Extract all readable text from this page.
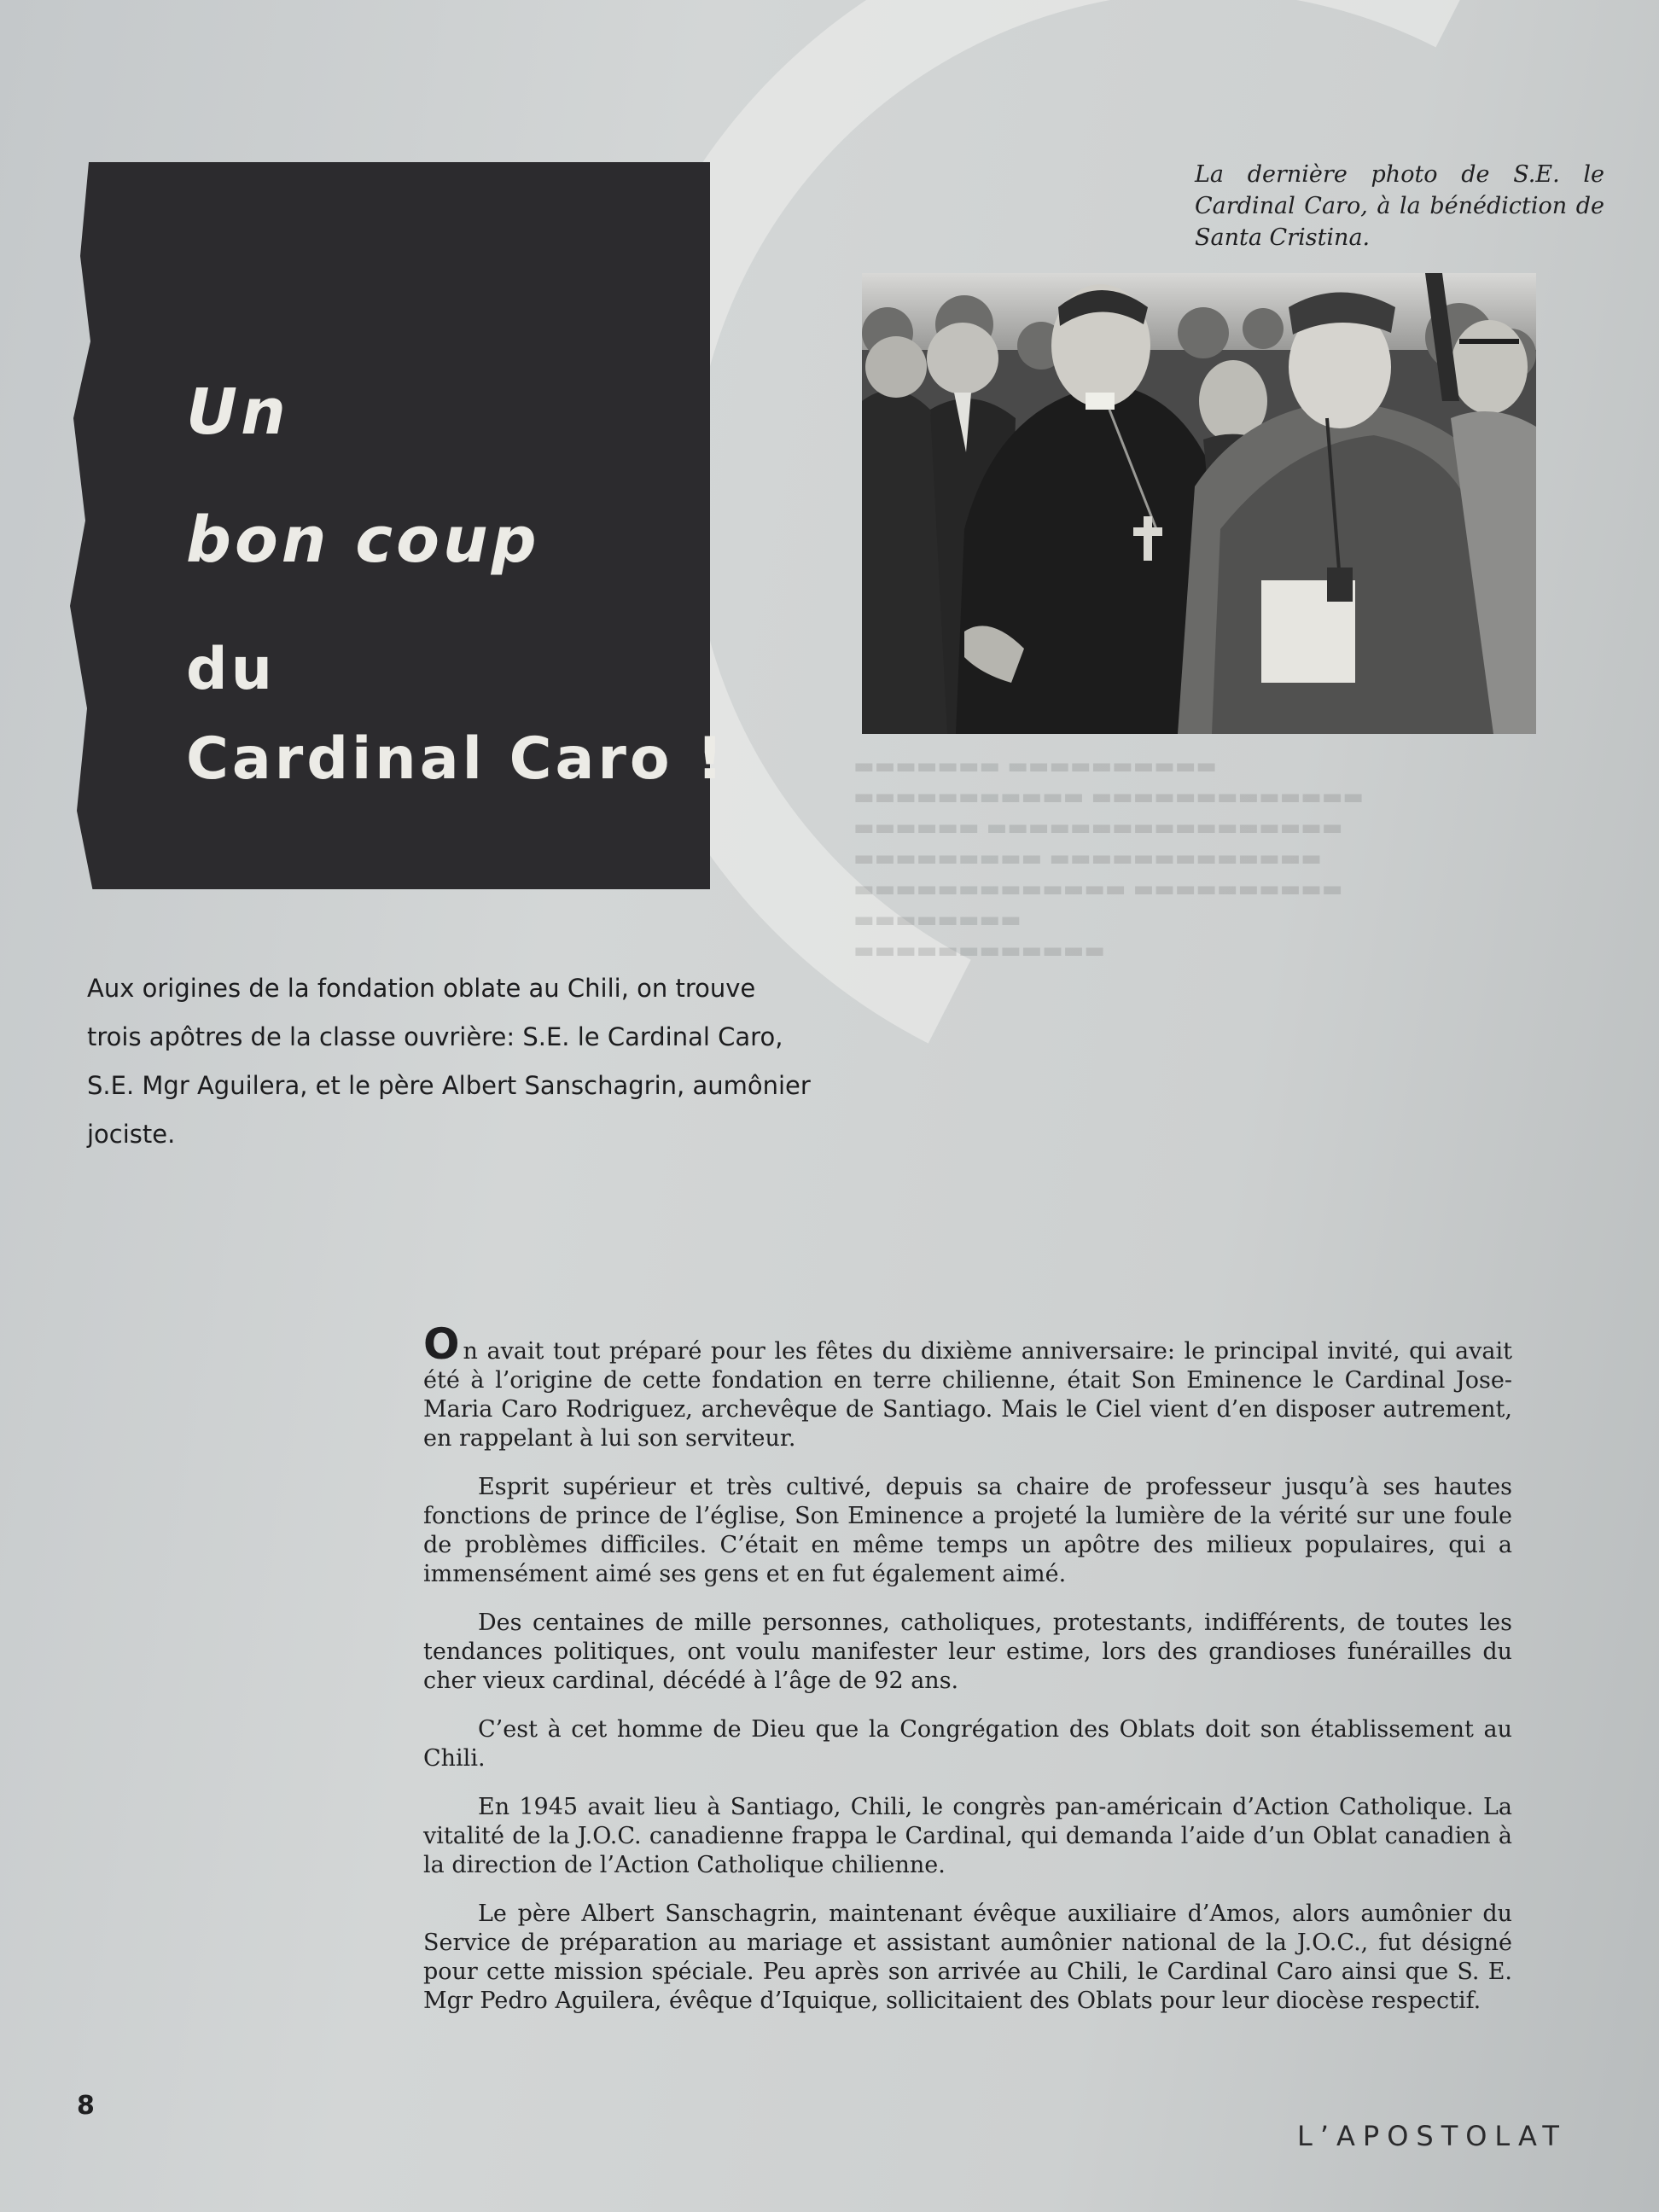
▬▬▬▬▬▬▬ ▬▬▬▬▬▬▬▬▬▬
▬▬▬▬▬▬▬▬▬▬▬ ▬▬▬▬▬▬▬▬▬▬▬▬▬
▬▬▬▬▬▬ ▬▬▬▬▬▬▬▬▬▬▬▬▬▬▬▬▬
▬▬▬▬▬▬▬▬▬ ▬▬▬▬▬▬▬▬▬▬▬▬▬
▬▬▬▬▬▬▬▬▬▬▬▬▬ ▬▬▬▬▬▬▬▬▬▬
▬▬▬▬▬▬▬▬
▬▬▬▬▬▬▬▬▬▬▬▬
Un
bon coup
du
Cardinal Caro !
La dernière photo de S.E. le Cardinal Caro, à la bénédiction de Santa Cristina.
Aux origines de la fondation oblate au Chili, on trouve trois apôtres de la classe ouvrière: S.E. le Cardinal Caro, S.E. Mgr Aguilera, et le père Albert Sanschagrin, aumônier jociste.

On avait tout préparé pour les fêtes du dixième anniversaire: le principal invité, qui avait été à l’origine de cette fondation en terre chilienne, était Son Eminence le Cardinal Jose-Maria Caro Rodriguez, archevêque de Santiago. Mais le Ciel vient d’en disposer autrement, en rappelant à lui son serviteur.

Esprit supérieur et très cultivé, depuis sa chaire de professeur jusqu’à ses hautes fonctions de prince de l’église, Son Eminence a projeté la lumière de la vérité sur une foule de problèmes difficiles. C’était en même temps un apôtre des milieux populaires, qui a immensément aimé ses gens et en fut également aimé.

Des centaines de mille personnes, catholiques, protestants, indifférents, de toutes les tendances politiques, ont voulu manifester leur estime, lors des grandioses funérailles du cher vieux cardinal, décédé à l’âge de 92 ans.

C’est à cet homme de Dieu que la Congrégation des Oblats doit son établissement au Chili.

En 1945 avait lieu à Santiago, Chili, le congrès pan-américain d’Action Catholique. La vitalité de la J.O.C. canadienne frappa le Cardinal, qui demanda l’aide d’un Oblat canadien à la direction de l’Action Catholique chilienne.

Le père Albert Sanschagrin, maintenant évêque auxiliaire d’Amos, alors aumônier du Service de préparation au mariage et assistant aumônier national de la J.O.C., fut désigné pour cette mission spéciale. Peu après son arrivée au Chili, le Cardinal Caro ainsi que S. E. Mgr Pedro Aguilera, évêque d’Iquique, sollicitaient des Oblats pour leur diocèse respectif.

8
L’APOSTOLAT
